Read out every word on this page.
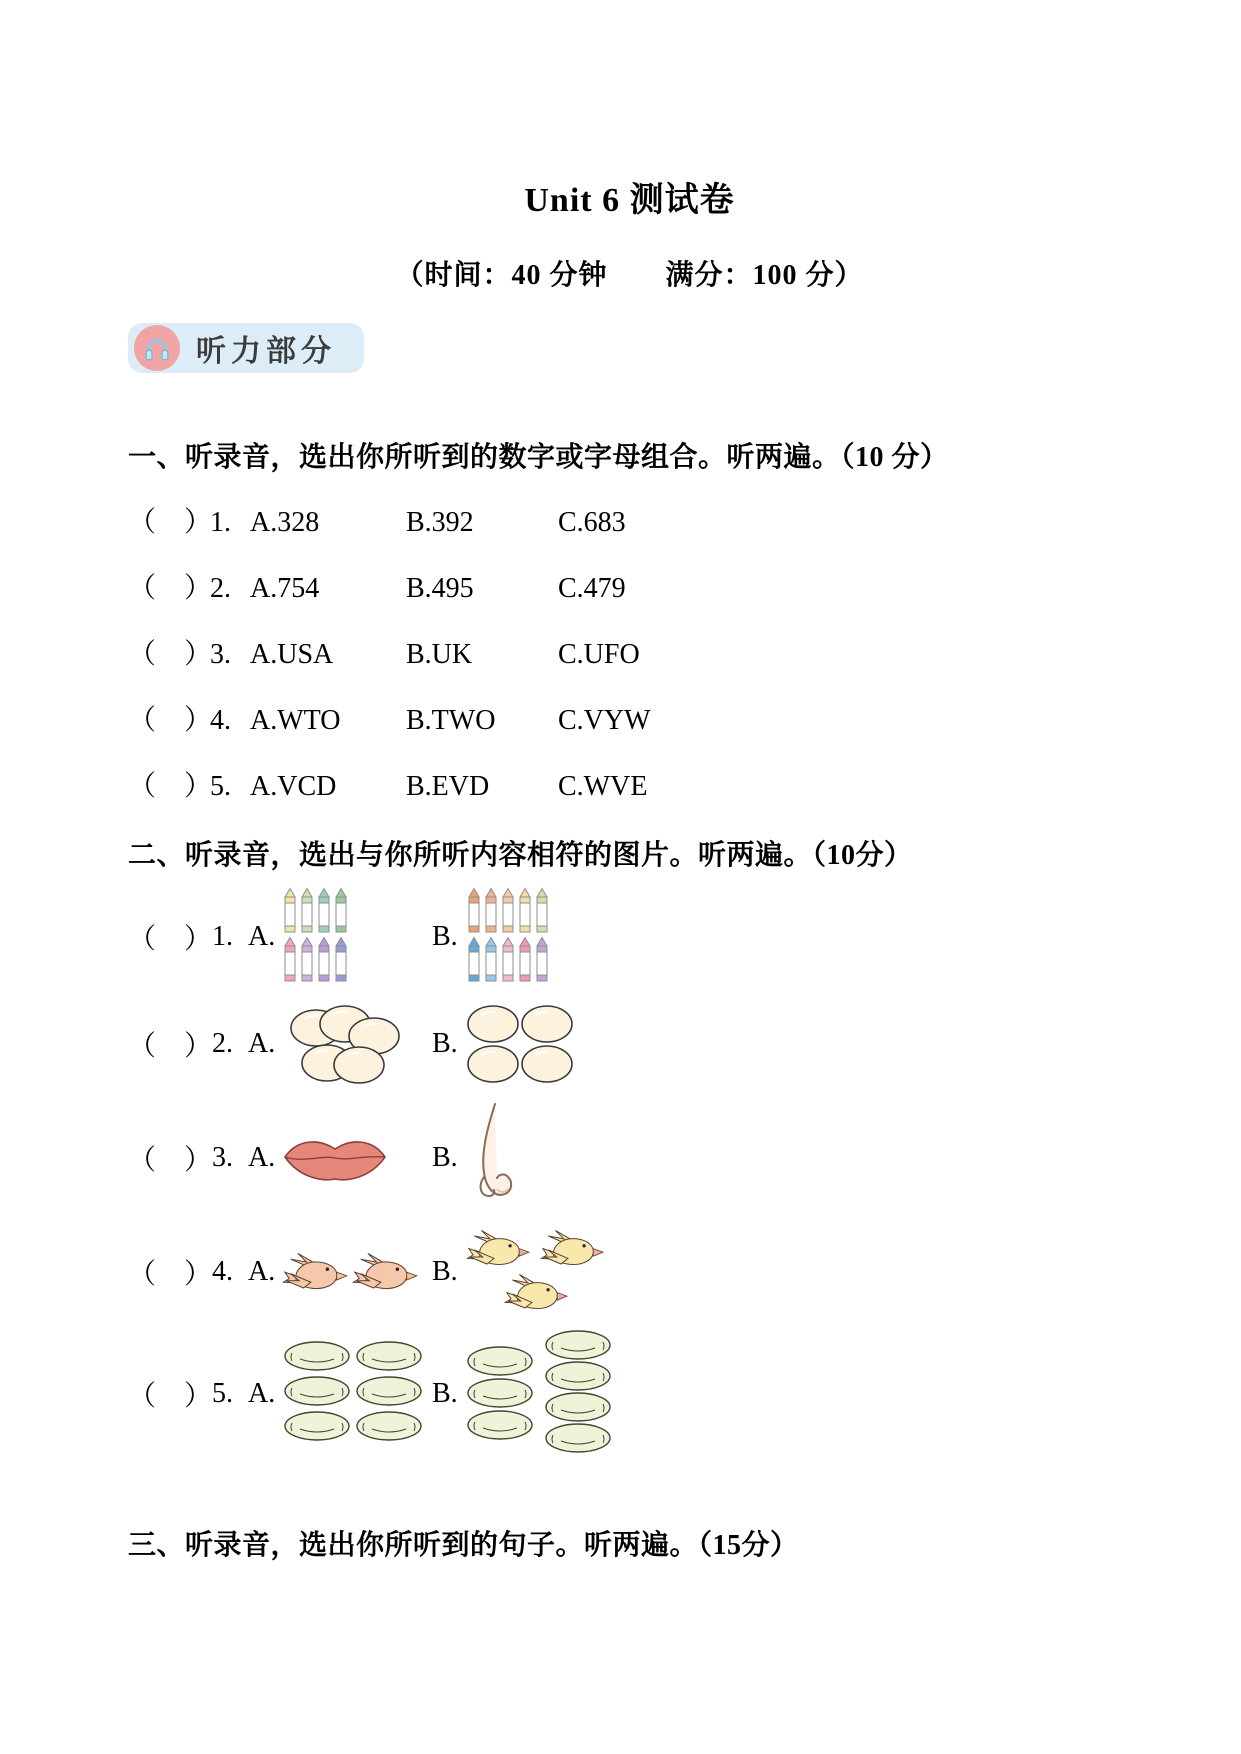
Unit 6 测试卷
（时间：40 分钟　　满分：100 分）
听力部分
一、听录音，选出你所听到的数字或字母组合。听两遍。（10 分）
（　）
1. A.328	B.392	C.683
（　）
2. A.754	B.495	C.479
（　）
3. A.USA	B.UK	C.UFO
（　）
4. A.WTO	B.TWO	C.VYW
（　）
5. A.VCD	B.EVD	C.WVE
二、听录音，选出与你所听内容相符的图片。听两遍。（10分）
（　） 1. A.	B.
（　） 2. A.	B.
（　） 3. A.	B.
（　） 4. A.	B.
（　） 5. A.	B.
三、听录音，选出你所听到的句子。听两遍。（15分）
